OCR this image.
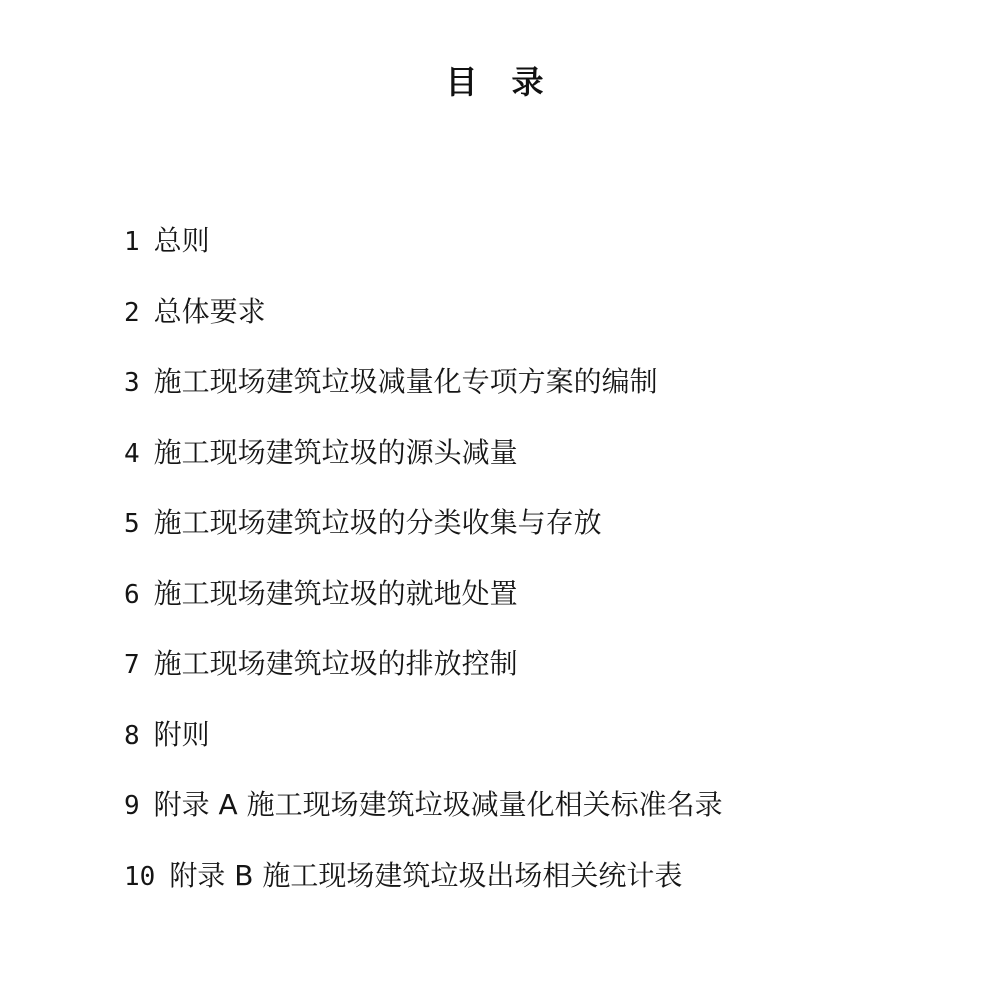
目 录
1 总则
2 总体要求
3 施工现场建筑垃圾减量化专项方案的编制
4 施工现场建筑垃圾的源头减量
5 施工现场建筑垃圾的分类收集与存放
6 施工现场建筑垃圾的就地处置
7 施工现场建筑垃圾的排放控制
8 附则
9 附录 A 施工现场建筑垃圾减量化相关标准名录
10 附录 B 施工现场建筑垃圾出场相关统计表
